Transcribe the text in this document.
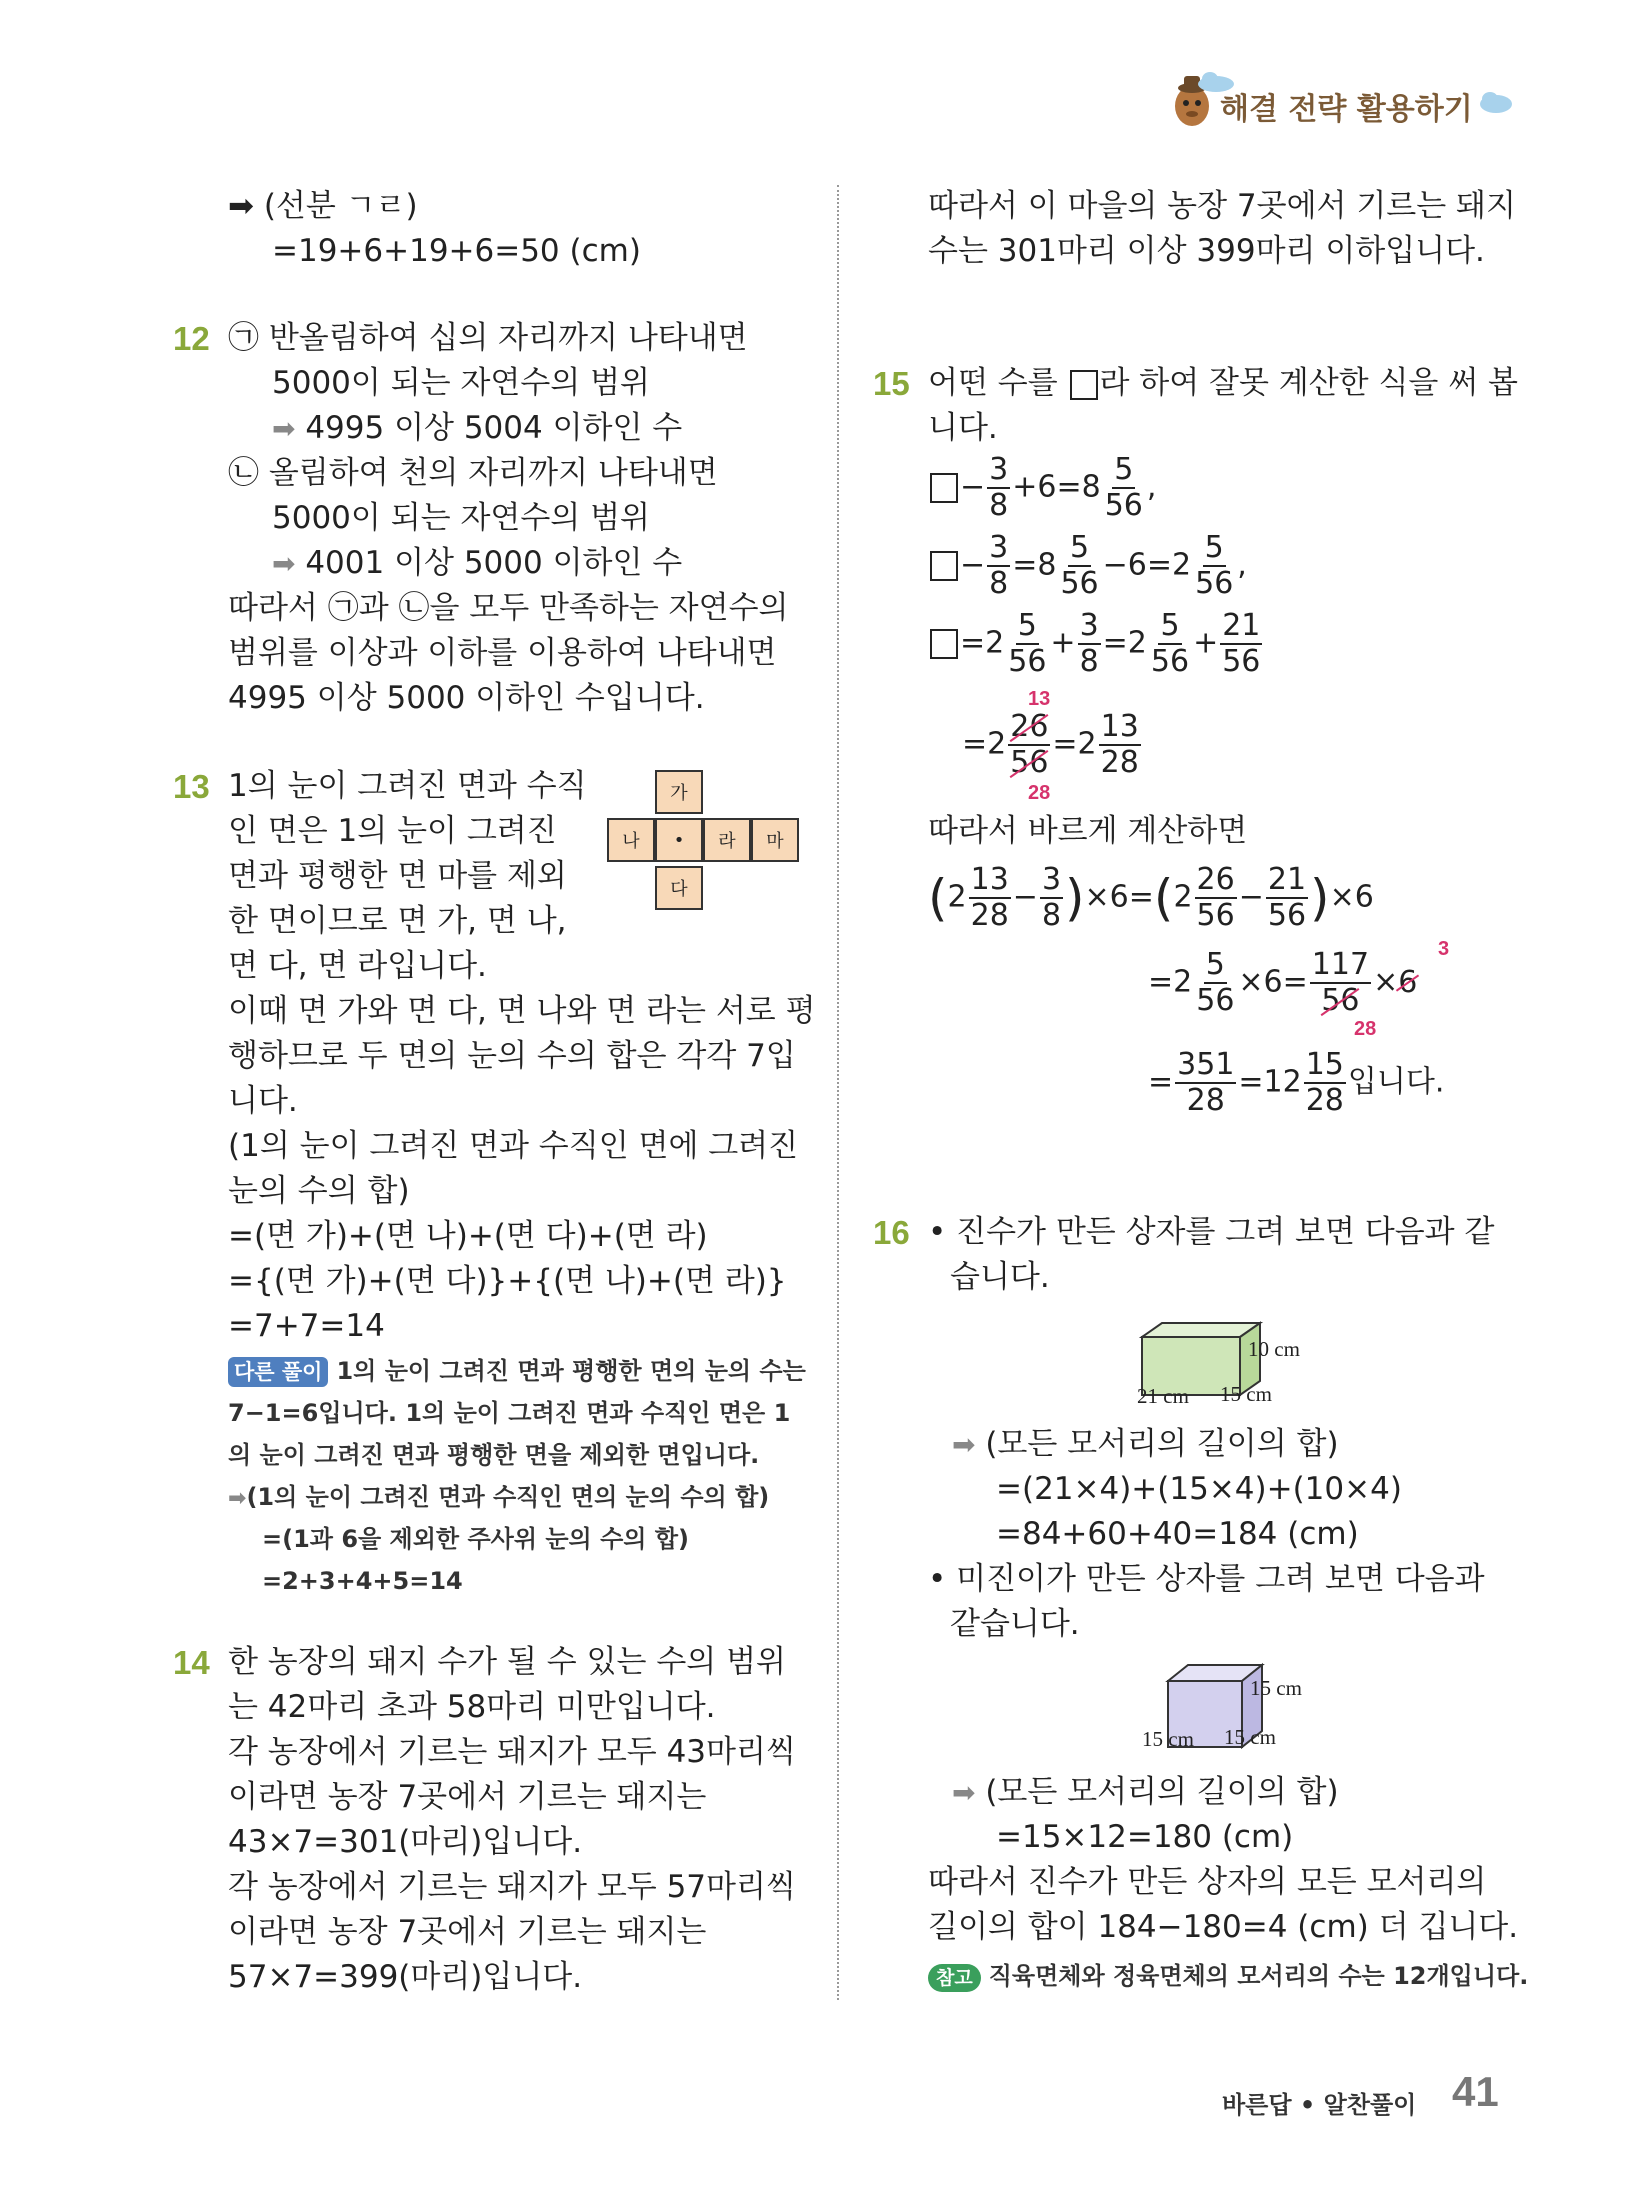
해결 전략 활용하기
➡ (선분 ㄱㄹ)
=19+6+19+6=50 (cm)
12 ㉠ 반올림하여 십의 자리까지 나타내면
5000이 되는 자연수의 범위
➡ 4995 이상 5004 이하인 수
㉡ 올림하여 천의 자리까지 나타내면
5000이 되는 자연수의 범위
➡ 4001 이상 5000 이하인 수
따라서 ㉠과 ㉡을 모두 만족하는 자연수의
범위를 이상과 이하를 이용하여 나타내면
4995 이상 5000 이하인 수입니다.
13 1의 눈이 그려진 면과 수직
인 면은 1의 눈이 그려진
면과 평행한 면 마를 제외
한 면이므로 면 가, 면 나,
면 다, 면 라입니다.
가
나	•	라	마
다
이때 면 가와 면 다, 면 나와 면 라는 서로 평
행하므로 두 면의 눈의 수의 합은 각각 7입
니다.
(1의 눈이 그려진 면과 수직인 면에 그려진
눈의 수의 합)
=(면 가)+(면 나)+(면 다)+(면 라)
={(면 가)+(면 다)}+{(면 나)+(면 라)}
=7+7=14
다른 풀이 1의 눈이 그려진 면과 평행한 면의 눈의 수는
7−1=6입니다. 1의 눈이 그려진 면과 수직인 면은 1
의 눈이 그려진 면과 평행한 면을 제외한 면입니다.
➡(1의 눈이 그려진 면과 수직인 면의 눈의 수의 합)
=(1과 6을 제외한 주사위 눈의 수의 합)
=2+3+4+5=14
14 한 농장의 돼지 수가 될 수 있는 수의 범위
는 42마리 초과 58마리 미만입니다.
각 농장에서 기르는 돼지가 모두 43마리씩
이라면 농장 7곳에서 기르는 돼지는
43×7=301(마리)입니다.
각 농장에서 기르는 돼지가 모두 57마리씩
이라면 농장 7곳에서 기르는 돼지는
57×7=399(마리)입니다.
따라서 이 마을의 농장 7곳에서 기르는 돼지
수는 301마리 이상 399마리 이하입니다.
15 어떤 수를 라 하여 잘못 계산한 식을 써 봅
니다.
− $\frac{3}{8} +6=8 \frac{5}{56}$ ,
− $\frac{3}{8} =8 \frac{5}{56} -6=2 \frac{5}{56}$ ,
$=2 \frac{5}{56} + \frac{3}{8} =2 \frac{5}{56} + \frac{21}{56}$
13
$=2 \frac{26}{56} =2 \frac{13}{28}$
28
따라서 바르게 계산하면
$(2 \frac{13}{28} - \frac{3}{8} )\times 6=(2 \frac{26}{56} - \frac{21}{56} )\times 6$
3
$=2 \frac{5}{56} \times 6= \frac{117}{56} \times 6$
28
= $\frac{351}{28} =12 \frac{15}{28}$ 입니다.
16 • 진수가 만든 상자를 그려 보면 다음과 같
습니다.
10 cm
21 cm 15 cm
➡ (모든 모서리의 길이의 합)
=(21×4)+(15×4)+(10×4)
=84+60+40=184 (cm)
• 미진이가 만든 상자를 그려 보면 다음과
같습니다.
15 cm
15 cm 15 cm
➡ (모든 모서리의 길이의 합)
=15×12=180 (cm)
따라서 진수가 만든 상자의 모든 모서리의
길이의 합이 184−180=4 (cm) 더 깁니다.
참고 직육면체와 정육면체의 모서리의 수는 12개입니다.
바른답 • 알찬풀이 41
